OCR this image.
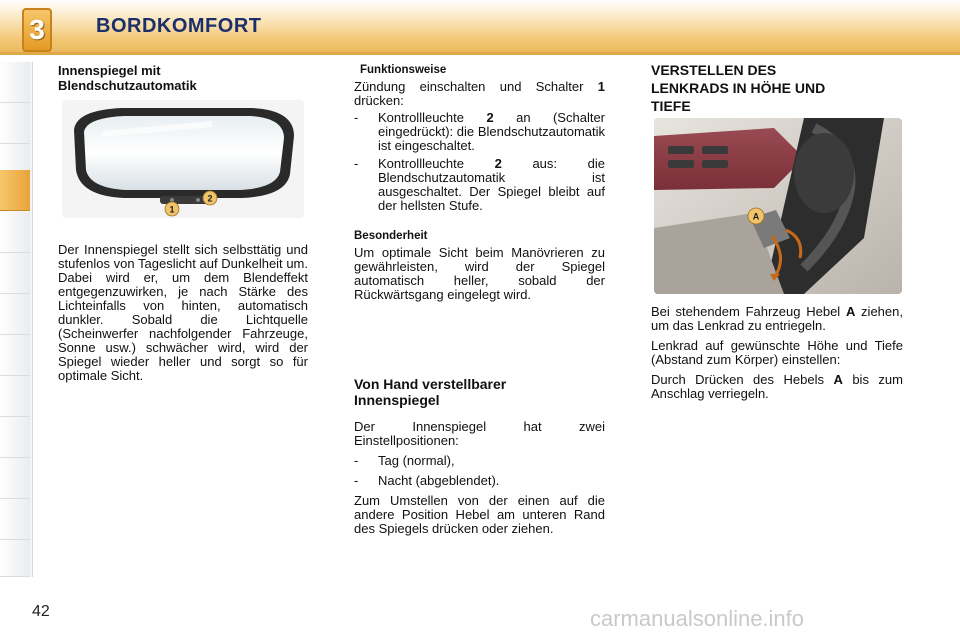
3	BORDKOMFORT
Innenspiegel mit
Blendschutzautomatik
1
2
Der Innenspiegel stellt sich selbsttätig und stufenlos von Tageslicht auf Dunkelheit um. Dabei wird er, um dem Blendeffekt entgegenzuwirken, je nach Stärke des Lichteinfalls von hinten, automatisch dunkler. Sobald die Lichtquelle (Scheinwerfer nachfolgender Fahrzeuge, Sonne usw.) schwächer wird, wird der Spiegel wieder heller und sorgt so für optimale Sicht.
Funktionsweise

Zündung einschalten und Schalter 1 drücken:

- Kontrollleuchte 2 an (Schalter eingedrückt): die Blendschutzautomatik ist eingeschaltet.
- Kontrollleuchte 2 aus: die Blendschutzautomatik ist ausgeschaltet. Der Spiegel bleibt auf der hellsten Stufe.
Besonderheit

Um optimale Sicht beim Manövrieren zu gewährleisten, wird der Spiegel automatisch heller, sobald der Rückwärtsgang eingelegt wird.

Von Hand verstellbarer
Innenspiegel

Der Innenspiegel hat zwei Einstellpositionen:

- Tag (normal),
- Nacht (abgeblendet).

Zum Umstellen von der einen auf die andere Position Hebel am unteren Rand des Spiegels drücken oder ziehen.

VERSTELLEN DES
LENKRADS IN HÖHE UND
TIEFE
A

Bei stehendem Fahrzeug Hebel A ziehen, um das Lenkrad zu entriegeln.

Lenkrad auf gewünschte Höhe und Tiefe (Abstand zum Körper) einstellen:

Durch Drücken des Hebels A bis zum Anschlag verriegeln.

42	carmanualsonline.info
